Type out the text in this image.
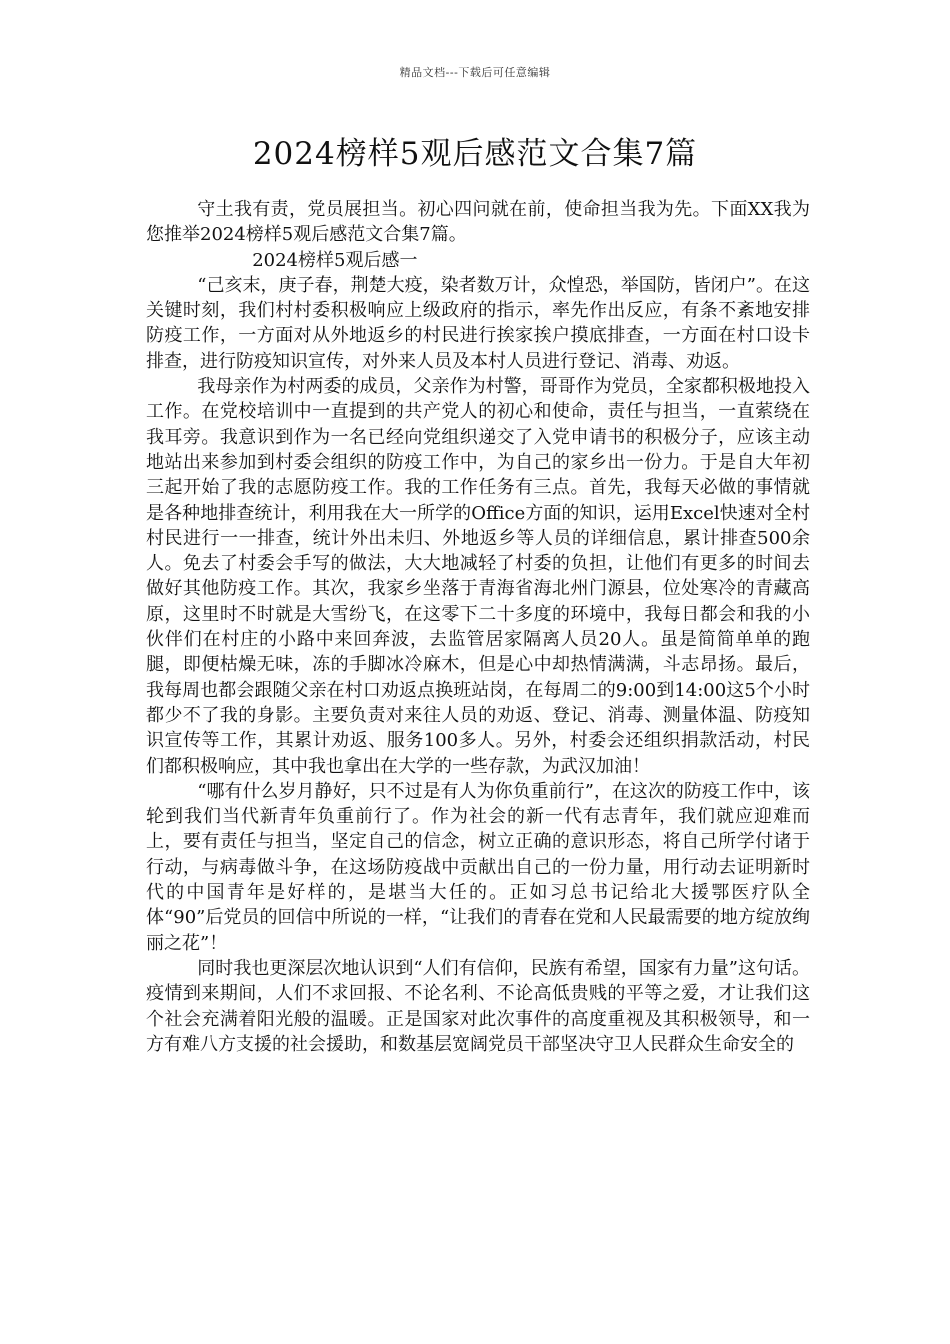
精品文档---下载后可任意编辑
2024榜样5观后感范文合集7篇

守土我有责，党员展担当。初心四问就在前，使命担当我为先。下面XX我为您推举2024榜样5观后感范文合集7篇。

2024榜样5观后感一

“己亥末，庚子春，荆楚大疫，染者数万计，众惶恐，举国防，皆闭户”。在这关键时刻，我们村村委积极响应上级政府的指示，率先作出反应，有条不紊地安排防疫工作，一方面对从外地返乡的村民进行挨家挨户摸底排查，一方面在村口设卡排查，进行防疫知识宣传，对外来人员及本村人员进行登记、消毒、劝返。

我母亲作为村两委的成员，父亲作为村警，哥哥作为党员，全家都积极地投入工作。在党校培训中一直提到的共产党人的初心和使命，责任与担当，一直萦绕在我耳旁。我意识到作为一名已经向党组织递交了入党申请书的积极分子，应该主动地站出来参加到村委会组织的防疫工作中，为自己的家乡出一份力。于是自大年初三起开始了我的志愿防疫工作。我的工作任务有三点。首先，我每天必做的事情就是各种地排查统计，利用我在大一所学的Office方面的知识，运用Excel快速对全村村民进行一一排查，统计外出未归、外地返乡等人员的详细信息，累计排查500余人。免去了村委会手写的做法，大大地减轻了村委的负担，让他们有更多的时间去做好其他防疫工作。其次，我家乡坐落于青海省海北州门源县，位处寒冷的青藏高原，这里时不时就是大雪纷飞，在这零下二十多度的环境中，我每日都会和我的小伙伴们在村庄的小路中来回奔波，去监管居家隔离人员20人。虽是简简单单的跑腿，即便枯燥无味，冻的手脚冰冷麻木，但是心中却热情满满，斗志昂扬。最后，我每周也都会跟随父亲在村口劝返点换班站岗，在每周二的9:00到14:00这5个小时都少不了我的身影。主要负责对来往人员的劝返、登记、消毒、测量体温、防疫知识宣传等工作，其累计劝返、服务100多人。另外，村委会还组织捐款活动，村民们都积极响应，其中我也拿出在大学的一些存款，为武汉加油！

“哪有什么岁月静好，只不过是有人为你负重前行”，在这次的防疫工作中，该轮到我们当代新青年负重前行了。作为社会的新一代有志青年，我们就应迎难而上，要有责任与担当，坚定自己的信念，树立正确的意识形态，将自己所学付诸于行动，与病毒做斗争，在这场防疫战中贡献出自己的一份力量，用行动去证明新时代的中国青年是好样的，是堪当大任的。正如习总书记给北大援鄂医疗队全体“90”后党员的回信中所说的一样，“让我们的青春在党和人民最需要的地方绽放绚丽之花”！

同时我也更深层次地认识到“人们有信仰，民族有希望，国家有力量”这句话。疫情到来期间，人们不求回报、不论名利、不论高低贵贱的平等之爱，才让我们这个社会充满着阳光般的温暖。正是国家对此次事件的高度重视及其积极领导，和一方有难八方支援的社会援助，和数基层宽阔党员干部坚决守卫人民群众生命安全的
